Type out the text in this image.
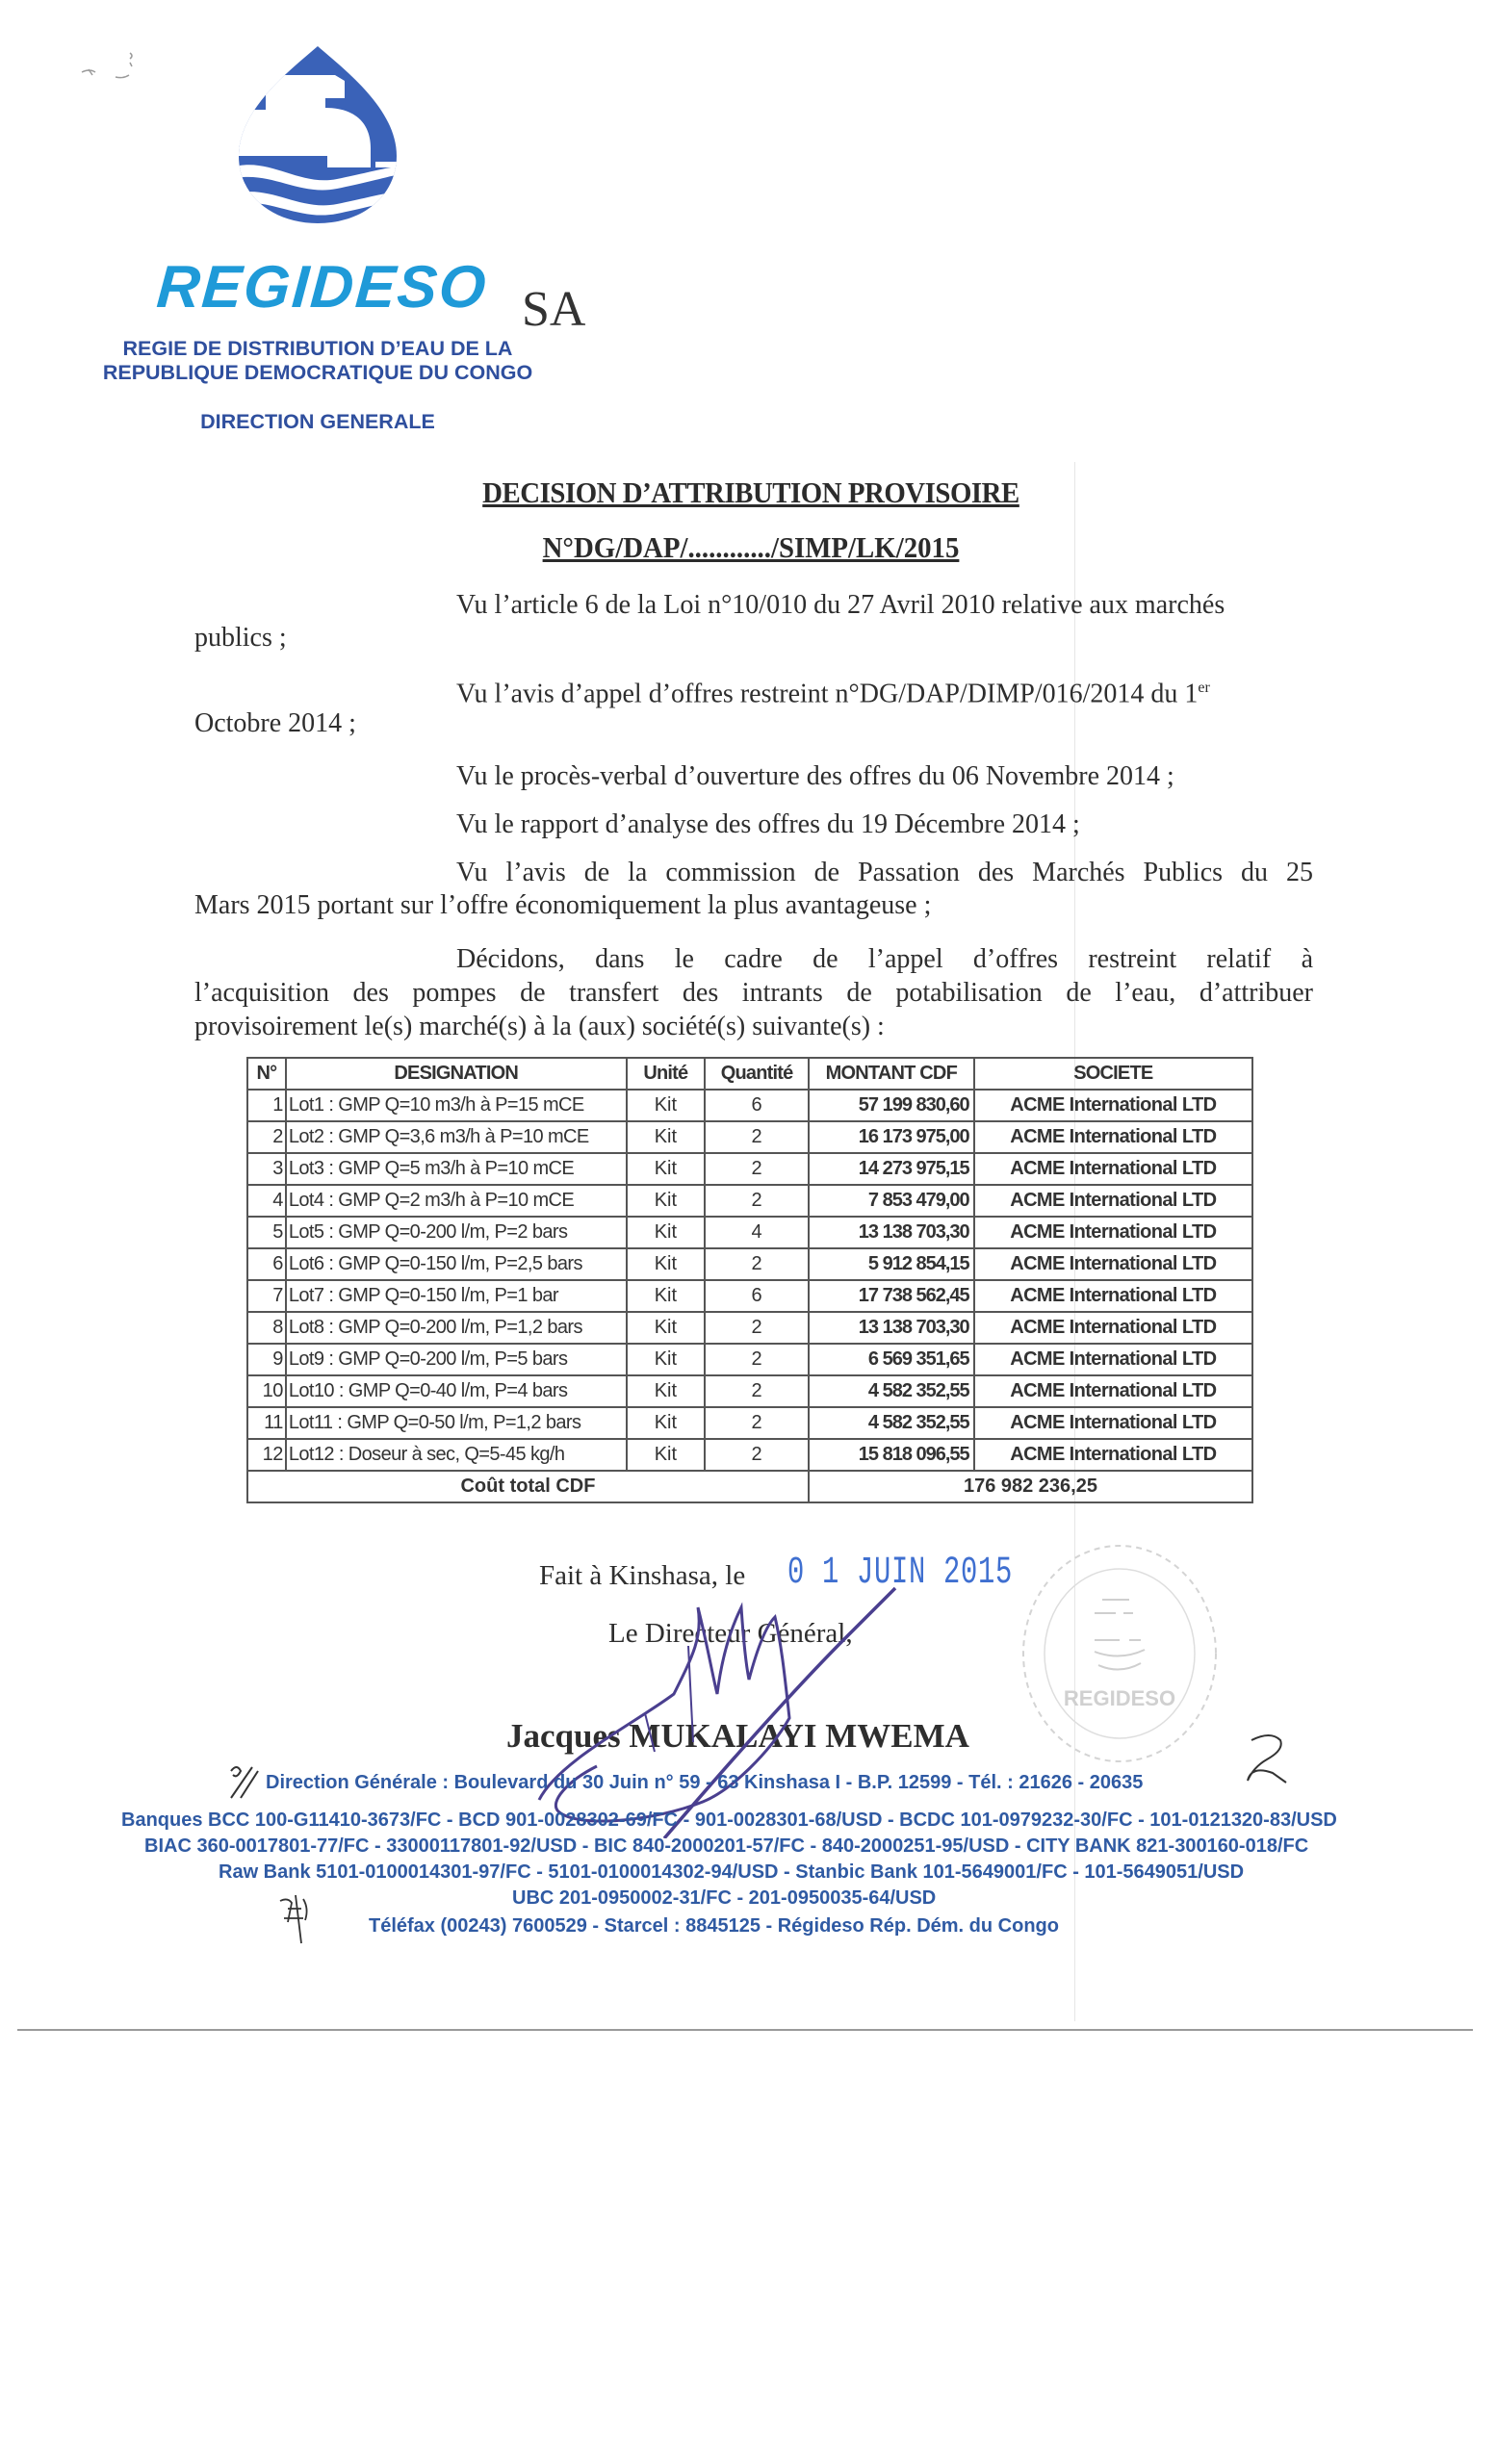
REGIDESO SA
REGIE DE DISTRIBUTION D’EAU DE LA
REPUBLIQUE DEMOCRATIQUE DU CONGO
DIRECTION GENERALE
DECISION D’ATTRIBUTION PROVISOIRE
N°DG/DAP/............/SIMP/LK/2015
Vu l’article 6 de la Loi n°10/010 du 27 Avril 2010 relative aux marchés
publics ;
Vu l’avis d’appel d’offres restreint n°DG/DAP/DIMP/016/2014 du 1er
Octobre 2014 ;
Vu le procès-verbal d’ouverture des offres du 06 Novembre 2014 ;
Vu le rapport d’analyse des offres du 19 Décembre 2014 ;
Vu l’avis de la commission de Passation des Marchés Publics du 25
Mars 2015 portant sur l’offre économiquement la plus avantageuse ;
Décidons, dans le cadre de l’appel d’offres restreint relatif à
l’acquisition des pompes de transfert des intrants de potabilisation de l’eau, d’attribuer
provisoirement le(s) marché(s) à la (aux) société(s) suivante(s) :
N°	DESIGNATION	Unité	Quantité	MONTANT CDF	SOCIETE
1	Lot1 : GMP Q=10 m3/h à P=15 mCE	Kit	6	57 199 830,60	ACME International LTD
2	Lot2 : GMP Q=3,6 m3/h à P=10 mCE	Kit	2	16 173 975,00	ACME International LTD
3	Lot3 : GMP Q=5 m3/h à P=10 mCE	Kit	2	14 273 975,15	ACME International LTD
4	Lot4 : GMP Q=2 m3/h à P=10 mCE	Kit	2	7 853 479,00	ACME International LTD
5	Lot5 : GMP Q=0-200 l/m, P=2 bars	Kit	4	13 138 703,30	ACME International LTD
6	Lot6 : GMP Q=0-150 l/m, P=2,5 bars	Kit	2	5 912 854,15	ACME International LTD
7	Lot7 : GMP Q=0-150 l/m, P=1 bar	Kit	6	17 738 562,45	ACME International LTD
8	Lot8 : GMP Q=0-200 l/m, P=1,2 bars	Kit	2	13 138 703,30	ACME International LTD
9	Lot9 : GMP Q=0-200 l/m, P=5 bars	Kit	2	6 569 351,65	ACME International LTD
10	Lot10 : GMP Q=0-40 l/m, P=4 bars	Kit	2	4 582 352,55	ACME International LTD
11	Lot11 : GMP Q=0-50 l/m, P=1,2 bars	Kit	2	4 582 352,55	ACME International LTD
12	Lot12 : Doseur à sec, Q=5-45 kg/h	Kit	2	15 818 096,55	ACME International LTD
Coût total CDF				176 982 236,25	
REGIDESO
Fait à Kinshasa, le 0 1 JUIN 2015
Le Directeur Général,
Jacques MUKALAYI MWEMA
Direction Générale : Boulevard du 30 Juin n° 59 - 63 Kinshasa I - B.P. 12599 - Tél. : 21626 - 20635
Banques BCC 100-G11410-3673/FC - BCD 901-0028302-69/FC - 901-0028301-68/USD - BCDC 101-0979232-30/FC - 101-0121320-83/USD
BIAC 360-0017801-77/FC - 33000117801-92/USD - BIC 840-2000201-57/FC - 840-2000251-95/USD - CITY BANK 821-300160-018/FC
Raw Bank 5101-0100014301-97/FC - 5101-0100014302-94/USD - Stanbic Bank 101-5649001/FC - 101-5649051/USD
UBC 201-0950002-31/FC - 201-0950035-64/USD
Téléfax (00243) 7600529 - Starcel : 8845125 - Régideso Rép. Dém. du Congo
